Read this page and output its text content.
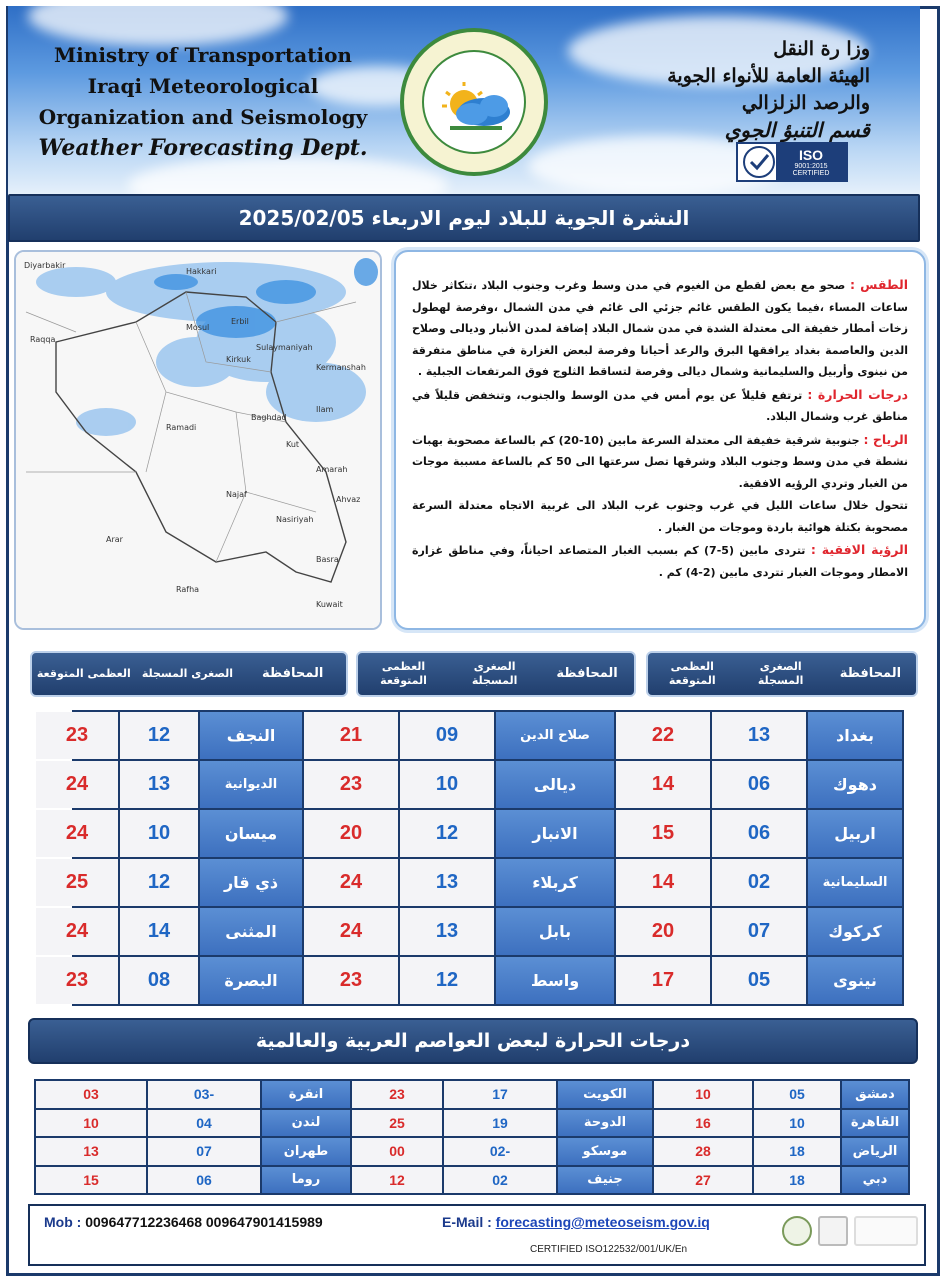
Ministry of Transportation
Iraqi Meteorological
Organization and Seismology
Weather Forecasting Dept.
وزا رة النقل
الهيئة العامة للأنواء الجوية
والرصد الزلزالي
قسم التنبؤ الجوي
ISO
9001:2015 CERTIFIED
النشرة الجوية للبلاد ليوم الاربعاء 2025/02/05
Diyarbakir
Hakkari
Erbil
Mosul
Kirkuk
Sulaymaniyah
Raqqa
Baghdad
Ramadi
Najaf
Nasiriyah
Basra
Amarah
Kut
Arar
Rafha
Ahvaz
Kuwait
Ilam
Kermanshah

الطقس : صحو مع بعض لقطع من الغيوم في مدن وسط وغرب وجنوب البلاد ،تتكاثر خلال ساعات المساء ،فيما يكون الطقس غائم جزئي الى غائم في مدن الشمال ،وفرصة لهطول زخات أمطار خفيفة الى معتدلة الشدة في مدن شمال البلاد إضافة لمدن الأنبار وديالى وصلاح الدين والعاصمة بغداد يرافقها البرق والرعد أحيانا وفرصة لبعض الغزارة في مناطق متفرقة من نينوى وأربيل والسليمانية وشمال ديالى وفرصة لتساقط الثلوج فوق المرتفعات الجبلية .

درجات الحرارة : ترتفع قليلاً عن يوم أمس في مدن الوسط والجنوب، وتنخفض قليلاً في مناطق غرب وشمال البلاد.

الرياح : جنوبية شرقية خفيفة الى معتدلة السرعة مابين (10-20) كم بالساعة مصحوبة بهبات نشطة في مدن وسط وجنوب البلاد وشرقها تصل سرعتها الى 50 كم بالساعة مسببة موجات من الغبار وتردي الرؤيه الافقية.

تتحول خلال ساعات الليل في غرب وجنوب غرب البلاد الى غربية الاتجاه معتدلة السرعة مصحوبة بكتلة هوائية باردة وموجات من الغبار .

الرؤية الافقية : تتردى مابين (5-7) كم بسبب الغبار المتصاعد احياناً، وفي مناطق غزارة الامطار وموجات الغبار تتردى مابين (2-4) كم .

المحافظة
الصغرى المسجلة
العظمى المتوقعة
المحافظة
الصغرى المسجلة
العظمى المتوقعة
المحافظة
الصغرى المسجلة
العظمى المتوقعة
بغداد
13
22
صلاح الدين
09
21
النجف
12
23
دهوك
06
14
ديالى
10
23
الديوانية
13
24
اربيل
06
15
الانبار
12
20
ميسان
10
24
السليمانية
02
14
كربلاء
13
24
ذي قار
12
25
كركوك
07
20
بابل
13
24
المثنى
14
24
نينوى
05
17
واسط
12
23
البصرة
08
23
درجات الحرارة لبعض العواصم العربية والعالمية
دمشق
05
10
الكويت
17
23
انقرة
-03
03
القاهرة
10
16
الدوحة
19
25
لندن
04
10
الرياض
18
28
موسكو
-02
00
طهران
07
13
دبي
18
27
جنيف
02
12
روما
06
15
Mob : 009647712236468 009647901415989	E-Mail : forecasting@meteoseism.gov.iq
CERTIFIED ISO122532/001/UK/En
